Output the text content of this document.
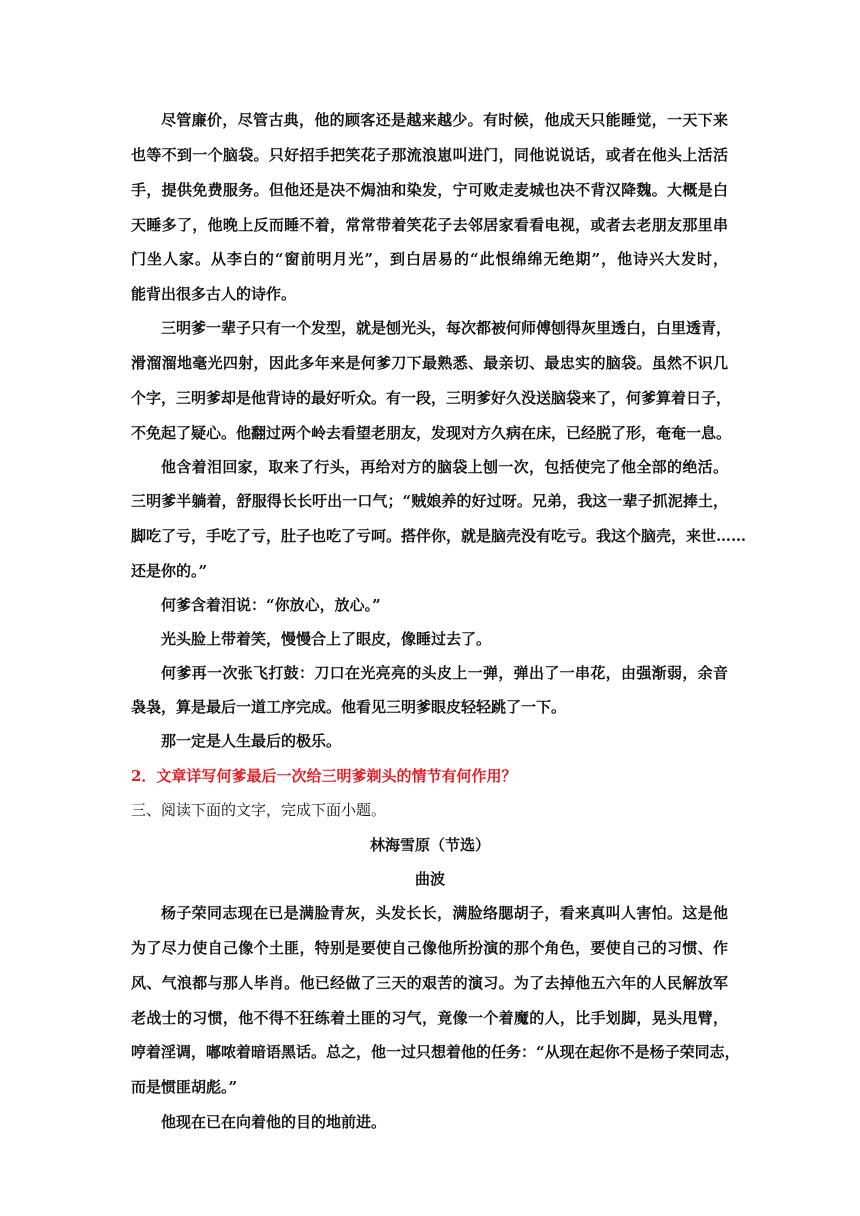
尽管廉价，尽管古典，他的顾客还是越来越少。有时候，他成天只能睡觉，一天下来
也等不到一个脑袋。只好招手把笑花子那流浪崽叫进门，同他说说话，或者在他头上活活
手，提供免费服务。但他还是决不焗油和染发，宁可败走麦城也决不背汉降魏。大概是白
天睡多了，他晚上反而睡不着，常常带着笑花子去邻居家看看电视，或者去老朋友那里串
门坐人家。从李白的“窗前明月光”，到白居易的“此恨绵绵无绝期”，他诗兴大发时，
能背出很多古人的诗作。
三明爹一辈子只有一个发型，就是刨光头，每次都被何师傅刨得灰里透白，白里透青，
滑溜溜地毫光四射，因此多年来是何爹刀下最熟悉、最亲切、最忠实的脑袋。虽然不识几
个字，三明爹却是他背诗的最好听众。有一段，三明爹好久没送脑袋来了，何爹算着日子，
不免起了疑心。他翻过两个岭去看望老朋友，发现对方久病在床，已经脱了形，奄奄一息。
他含着泪回家，取来了行头，再给对方的脑袋上刨一次，包括使完了他全部的绝活。
三明爹半躺着，舒服得长长吁出一口气；“贼娘养的好过呀。兄弟，我这一辈子抓泥捧土，
脚吃了亏，手吃了亏，肚子也吃了亏呵。搭伴你，就是脑壳没有吃亏。我这个脑壳，来世……
还是你的。”
何爹含着泪说：“你放心，放心。”
光头脸上带着笑，慢慢合上了眼皮，像睡过去了。
何爹再一次张飞打鼓：刀口在光亮亮的头皮上一弹，弹出了一串花，由强渐弱，余音
袅袅，算是最后一道工序完成。他看见三明爹眼皮轻轻跳了一下。
那一定是人生最后的极乐。
2．文章详写何爹最后一次给三明爹剃头的情节有何作用？
三、阅读下面的文字，完成下面小题。
林海雪原（节选）
曲波
杨子荣同志现在已是满脸青灰，头发长长，满脸络腮胡子，看来真叫人害怕。这是他
为了尽力使自己像个土匪，特别是要使自己像他所扮演的那个角色，要使自己的习惯、作
风、气浪都与那人毕肖。他已经做了三天的艰苦的演习。为了去掉他五六年的人民解放军
老战士的习惯，他不得不狂练着土匪的习气，竟像一个着魔的人，比手划脚，晃头甩臂，
哼着淫调，嘟哝着暗语黑话。总之，他一过只想着他的任务：“从现在起你不是杨子荣同志，
而是惯匪胡彪。”
他现在已在向着他的目的地前进。
